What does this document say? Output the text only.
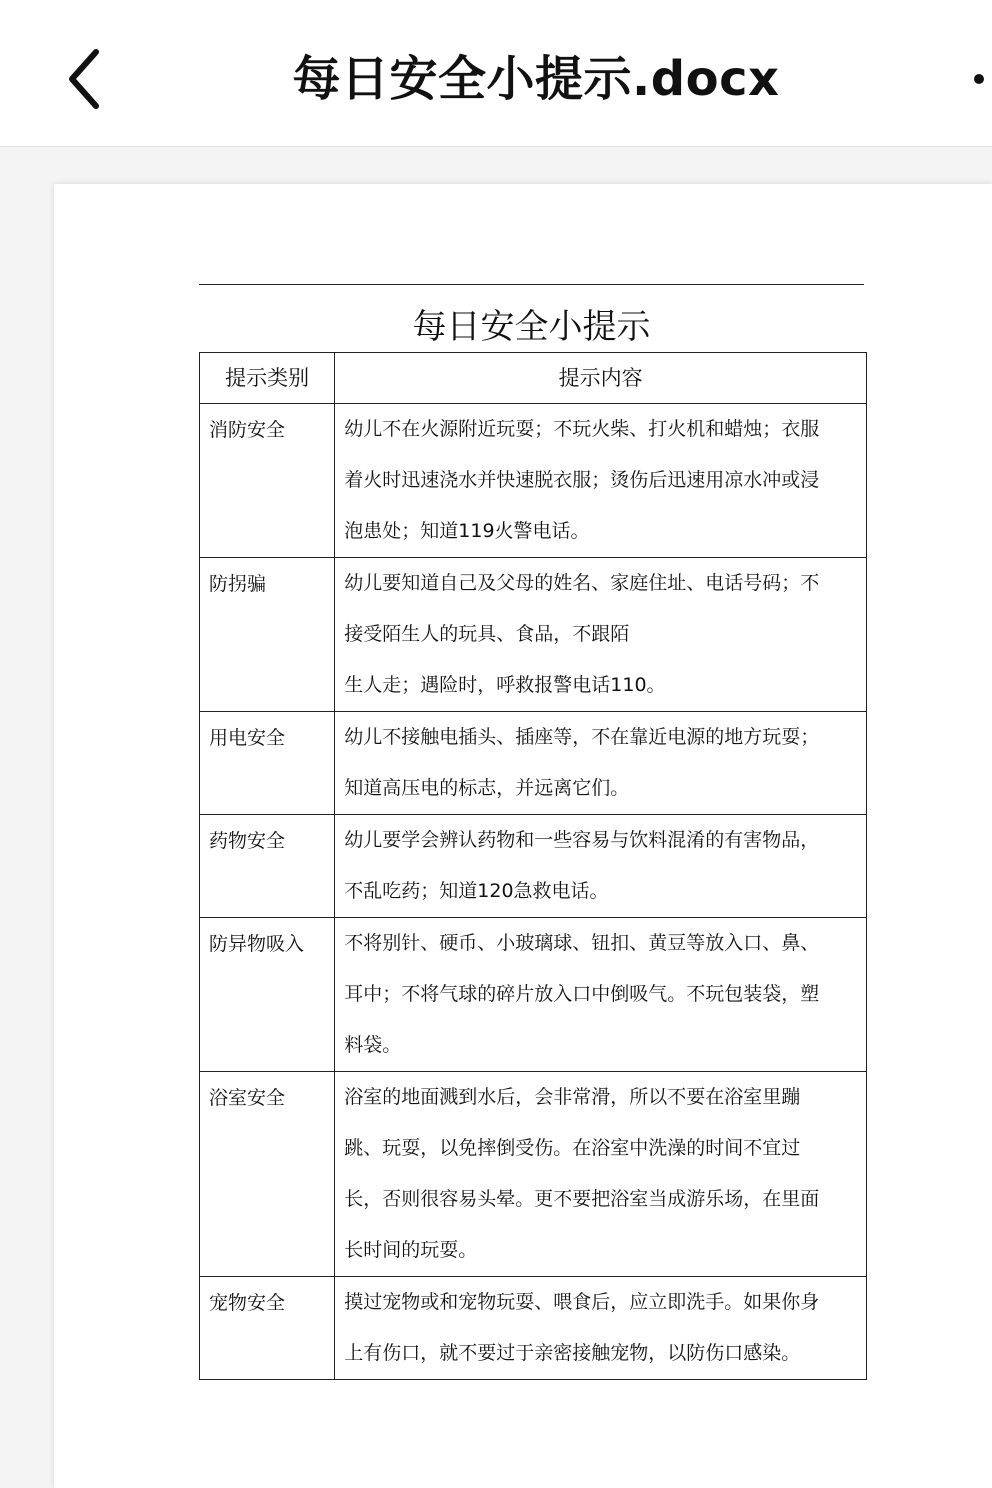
每日安全小提示.docx
每日安全小提示
提示类别	提示内容
消防安全	幼儿不在火源附近玩耍；不玩火柴、打火机和蜡烛；衣服
着火时迅速浇水并快速脱衣服；烫伤后迅速用凉水冲或浸
泡患处；知道119火警电话。

防拐骗	幼儿要知道自己及父母的姓名、家庭住址、电话号码；不
接受陌生人的玩具、食品，不跟陌
生人走；遇险时，呼救报警电话110。

用电安全	幼儿不接触电插头、插座等，不在靠近电源的地方玩耍；
知道高压电的标志，并远离它们。

药物安全	幼儿要学会辨认药物和一些容易与饮料混淆的有害物品，
不乱吃药；知道120急救电话。

防异物吸入	不将别针、硬币、小玻璃球、钮扣、黄豆等放入口、鼻、
耳中；不将气球的碎片放入口中倒吸气。不玩包装袋，塑
料袋。

浴室安全	浴室的地面溅到水后，会非常滑，所以不要在浴室里蹦
跳、玩耍，以免摔倒受伤。在浴室中洗澡的时间不宜过
长，否则很容易头晕。更不要把浴室当成游乐场，在里面
长时间的玩耍。

宠物安全	摸过宠物或和宠物玩耍、喂食后，应立即洗手。如果你身
上有伤口，就不要过于亲密接触宠物，以防伤口感染。
